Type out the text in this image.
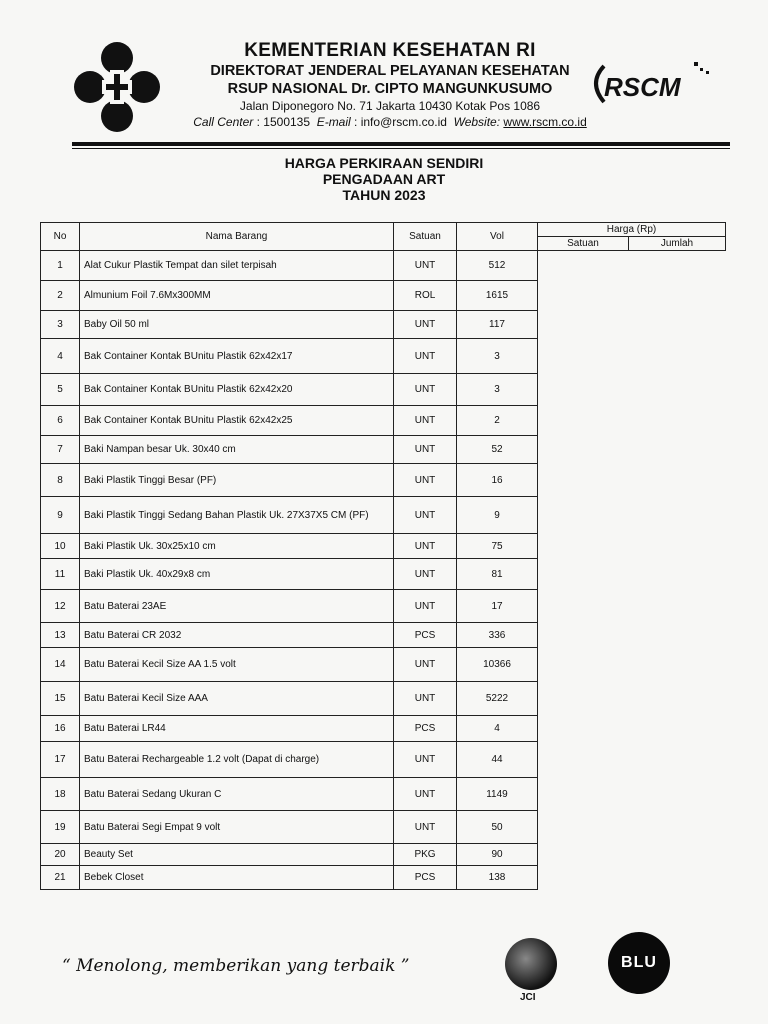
KEMENTERIAN KESEHATAN RI
DIREKTORAT JENDERAL PELAYANAN KESEHATAN
RSUP NASIONAL Dr. CIPTO MANGUNKUSUMO
Jalan Diponegoro No. 71 Jakarta 10430 Kotak Pos 1086
Call Center : 1500135 E-mail : info@rscm.co.id Website: www.rscm.co.id
RSCM
HARGA PERKIRAAN SENDIRI
PENGADAAN ART
TAHUN 2023
No	Nama Barang	Satuan	Vol	Harga (Rp)	
				Satuan	Jumlah
1	Alat Cukur Plastik Tempat dan silet terpisah	UNT	512		
2	Almunium Foil 7.6Mx300MM	ROL	1615		
3	Baby Oil 50 ml	UNT	117		
4	Bak Container Kontak BUnitu Plastik 62x42x17	UNT	3		
5	Bak Container Kontak BUnitu Plastik 62x42x20	UNT	3		
6	Bak Container Kontak BUnitu Plastik 62x42x25	UNT	2		
7	Baki Nampan besar Uk. 30x40 cm	UNT	52		
8	Baki Plastik Tinggi Besar (PF)	UNT	16		
9	Baki Plastik Tinggi Sedang Bahan Plastik Uk. 27X37X5 CM (PF)	UNT	9		
10	Baki Plastik Uk. 30x25x10 cm	UNT	75		
11	Baki Plastik Uk. 40x29x8 cm	UNT	81		
12	Batu Baterai 23AE	UNT	17		
13	Batu Baterai CR 2032	PCS	336		
14	Batu Baterai Kecil Size AA 1.5 volt	UNT	10366		
15	Batu Baterai Kecil Size AAA	UNT	5222		
16	Batu Baterai LR44	PCS	4		
17	Batu Baterai Rechargeable 1.2 volt (Dapat di charge)	UNT	44		
18	Batu Baterai Sedang Ukuran C	UNT	1149		
19	Batu Baterai Segi Empat 9 volt	UNT	50		
20	Beauty Set	PKG	90		
21	Bebek Closet	PCS	138		
“ Menolong, memberikan yang terbaik ”
JCI
BLU
